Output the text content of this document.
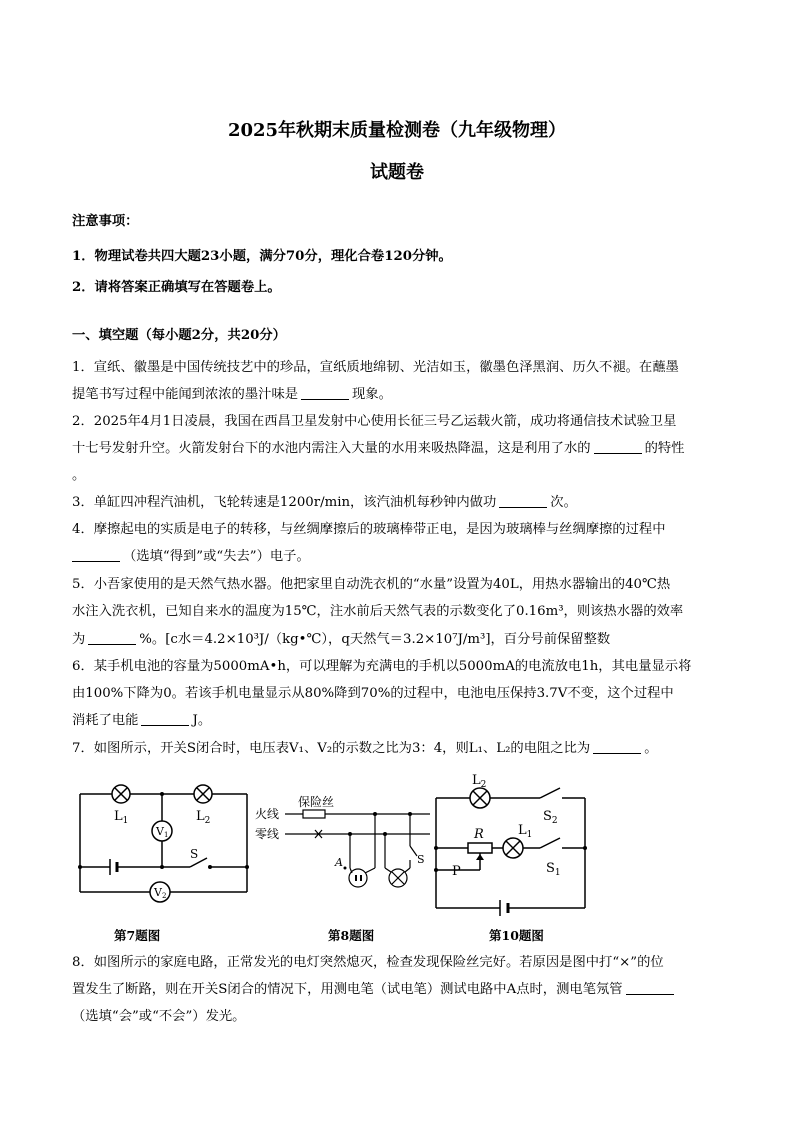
2025年秋期末质量检测卷（九年级物理）
试题卷
注意事项：
1．物理试卷共四大题23小题，满分70分，理化合卷120分钟。
2．请将答案正确填写在答题卷上。
一、填空题（每小题2分，共20分）
1．宣纸、徽墨是中国传统技艺中的珍品，宣纸质地绵韧、光洁如玉，徽墨色泽黑润、历久不褪。在蘸墨
提笔书写过程中能闻到浓浓的墨汁味是	现象。
2．2025年4月1日凌晨，我国在西昌卫星发射中心使用长征三号乙运载火箭，成功将通信技术试验卫星
十七号发射升空。火箭发射台下的水池内需注入大量的水用来吸热降温，这是利用了水的	的特性
。
3．单缸四冲程汽油机，飞轮转速是1200r/min，该汽油机每秒钟内做功	次。
4．摩擦起电的实质是电子的转移，与丝绸摩擦后的玻璃棒带正电，是因为玻璃棒与丝绸摩擦的过程中
（选填“得到”或“失去”）电子。
5．小吾家使用的是天然气热水器。他把家里自动洗衣机的“水量”设置为40L，用热水器输出的40℃热
水注入洗衣机，已知自来水的温度为15℃，注水前后天然气表的示数变化了0.16m³，则该热水器的效率
为	%。[c水＝4.2×10³J/（kg•℃），q天然气＝3.2×10⁷J/m³]，百分号前保留整数
6．某手机电池的容量为5000mA•h，可以理解为充满电的手机以5000mA的电流放电1h，其电量显示将
由100%下降为0。若该手机电量显示从80%降到70%的过程中，电池电压保持3.7V不变，这个过程中
消耗了电能	J。
7．如图所示，开关S闭合时，电压表V₁、V₂的示数之比为3：4，则L₁、L₂的电阻之比为	。
$L_1$	$L_2$
V1
V2
S
第7题图
火线
零线
保险丝
A	S
第8题图
$L_2$
$S_2$
R	$L_1$
P	$S_1$
第10题图
8．如图所示的家庭电路，正常发光的电灯突然熄灭，检查发现保险丝完好。若原因是图中打“×”的位
置发生了断路，则在开关S闭合的情况下，用测电笔（试电笔）测试电路中A点时，测电笔氖管
（选填“会”或“不会”）发光。
